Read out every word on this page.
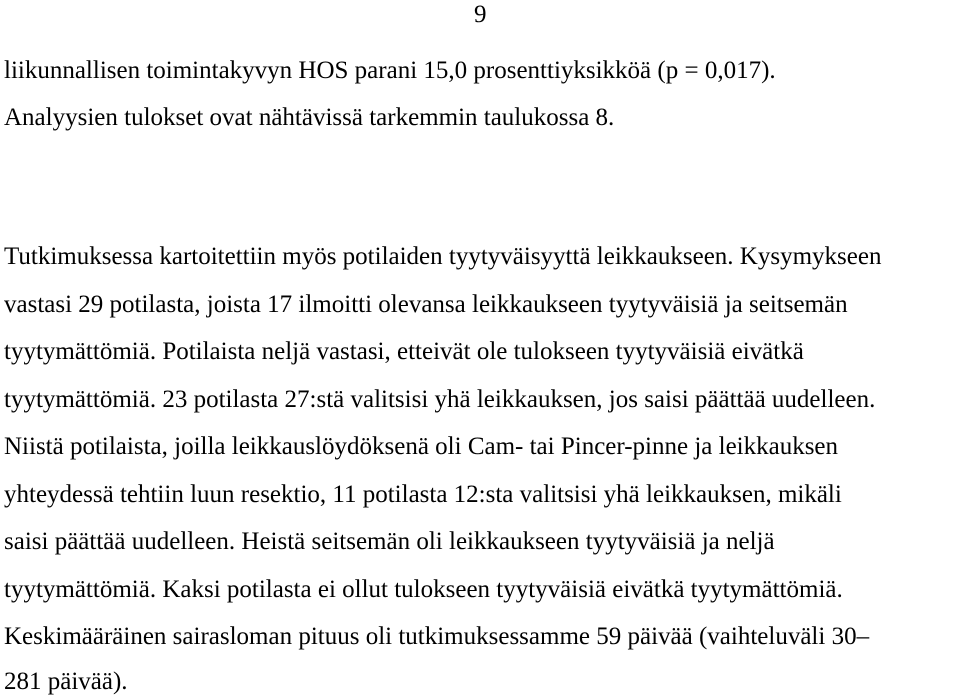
9
liikunnallisen toimintakyvyn HOS parani 15,0 prosenttiyksikköä (p = 0,017).
Analyysien tulokset ovat nähtävissä tarkemmin taulukossa 8.
Tutkimuksessa kartoitettiin myös potilaiden tyytyväisyyttä leikkaukseen. Kysymykseen
vastasi 29 potilasta, joista 17 ilmoitti olevansa leikkaukseen tyytyväisiä ja seitsemän
tyytymättömiä. Potilaista neljä vastasi, etteivät ole tulokseen tyytyväisiä eivätkä
tyytymättömiä. 23 potilasta 27:stä valitsisi yhä leikkauksen, jos saisi päättää uudelleen.
Niistä potilaista, joilla leikkauslöydöksenä oli Cam- tai Pincer-pinne ja leikkauksen
yhteydessä tehtiin luun resektio, 11 potilasta 12:sta valitsisi yhä leikkauksen, mikäli
saisi päättää uudelleen. Heistä seitsemän oli leikkaukseen tyytyväisiä ja neljä
tyytymättömiä. Kaksi potilasta ei ollut tulokseen tyytyväisiä eivätkä tyytymättömiä.
Keskimääräinen sairasloman pituus oli tutkimuksessamme 59 päivää (vaihteluväli 30–
281 päivää).
